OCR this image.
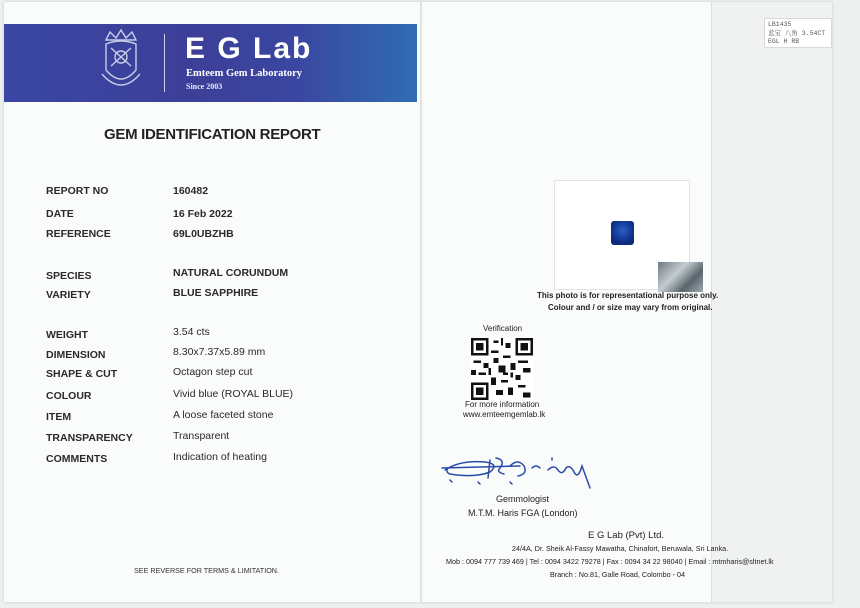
E G Lab
Emteem Gem Laboratory
Since 2003
GEM IDENTIFICATION REPORT
REPORT NO	160482
DATE	16 Feb 2022
REFERENCE	69L0UBZHB
SPECIES	NATURAL CORUNDUM
VARIETY	BLUE SAPPHIRE
WEIGHT	3.54 cts
DIMENSION	8.30x7.37x5.89 mm
SHAPE & CUT	Octagon step cut
COLOUR	Vivid blue (ROYAL BLUE)
ITEM	A loose faceted stone
TRANSPARENCY	Transparent
COMMENTS	Indication of heating
SEE REVERSE FOR TERMS & LIMITATION.
This photo is for representational purpose only.
Colour and / or size may vary from original.
Verification
For more information
www.emteemgemlab.lk
Gemmologist
M.T.M. Haris FGA (London)
E G Lab (Pvt) Ltd.
24/4A, Dr. Sheik Al-Fassy Mawatha, Chinafort, Beruwala, Sri Lanka.
Mob : 0094 777 739 469 | Tel : 0094 3422 79278 | Fax : 0094 34 22 98040 | Email : mtmharis@sltnet.lk
Branch : No.81, Galle Road, Colombo - 04
LB1435
蓝宝 八角 3.54CT
EGL H RB
